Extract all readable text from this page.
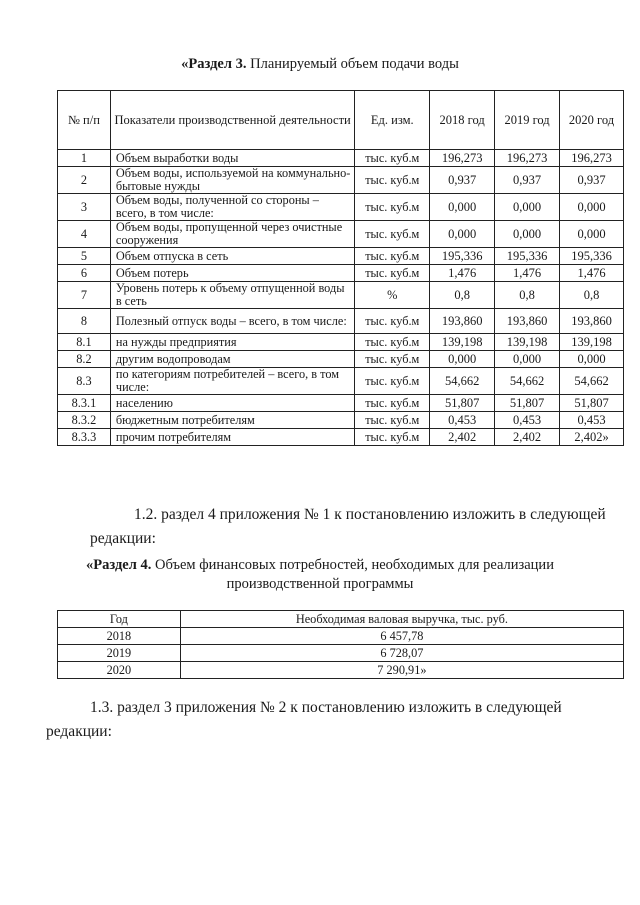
«Раздел 3. Планируемый объем подачи воды
№ п/п	Показатели производственной деятельности	Ед. изм.	2018 год	2019 год	2020 год
1	Объем выработки воды	тыс. куб.м	196,273	196,273	196,273
2	Объем воды, используемой на коммунально-бытовые нужды	тыс. куб.м	0,937	0,937	0,937
3	Объем воды, полученной со стороны – всего, в том числе:	тыс. куб.м	0,000	0,000	0,000
4	Объем воды, пропущенной через очистные сооружения	тыс. куб.м	0,000	0,000	0,000
5	Объем отпуска в сеть	тыс. куб.м	195,336	195,336	195,336
6	Объем потерь	тыс. куб.м	1,476	1,476	1,476
7	Уровень потерь к объему отпущенной воды в сеть	%	0,8	0,8	0,8
8	Полезный отпуск воды – всего, в том числе:	тыс. куб.м	193,860	193,860	193,860
8.1	на нужды предприятия	тыс. куб.м	139,198	139,198	139,198
8.2	другим водопроводам	тыс. куб.м	0,000	0,000	0,000
8.3	по категориям потребителей – всего, в том числе:	тыс. куб.м	54,662	54,662	54,662
8.3.1	населению	тыс. куб.м	51,807	51,807	51,807
8.3.2	бюджетным потребителям	тыс. куб.м	0,453	0,453	0,453
8.3.3	прочим потребителям	тыс. куб.м	2,402	2,402	2,402»
1.2. раздел 4 приложения № 1 к постановлению изложить в следующей редакции:
«Раздел 4. Объем финансовых потребностей, необходимых для реализации
производственной программы
Год	Необходимая валовая выручка, тыс. руб.
2018	6 457,78
2019	6 728,07
2020	7 290,91»
1.3. раздел 3 приложения № 2 к постановлению изложить в следующей редакции:
